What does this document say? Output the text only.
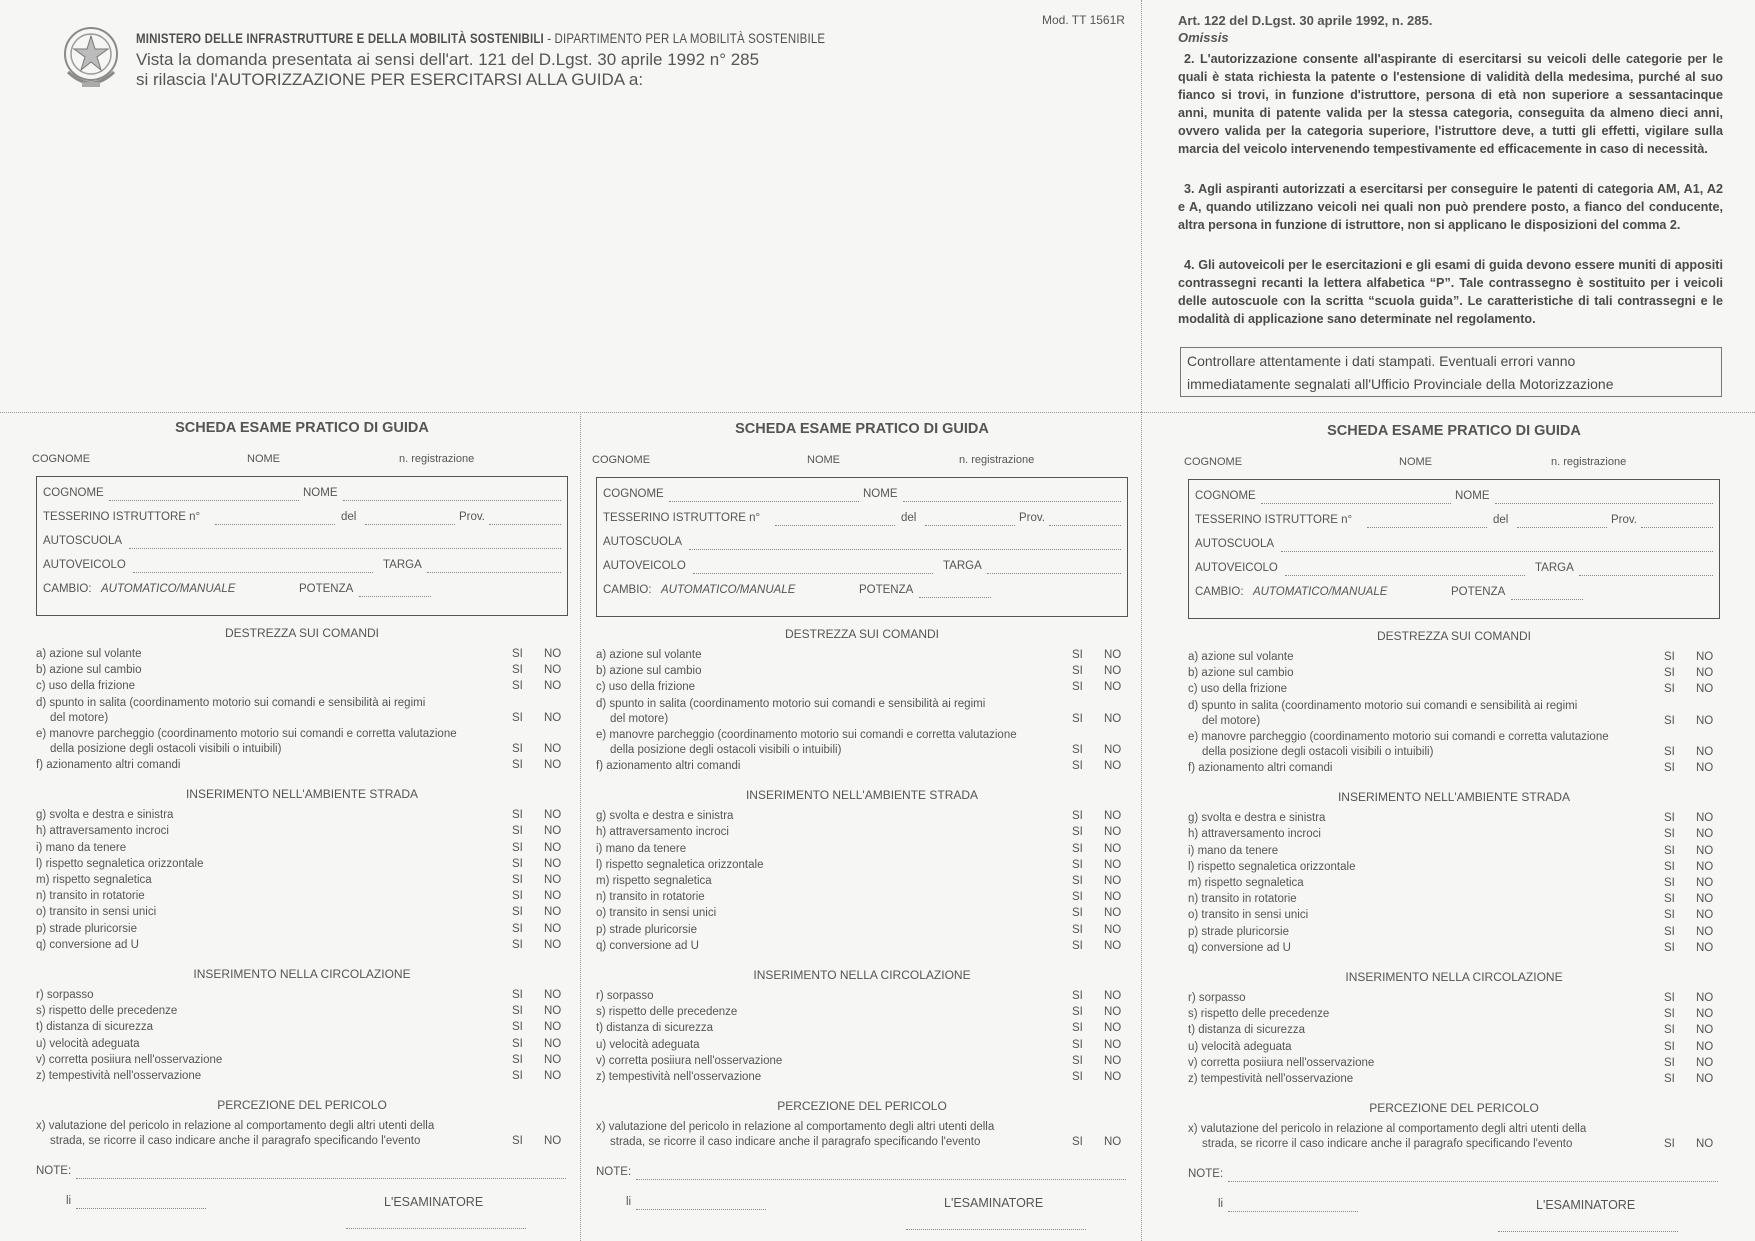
MINISTERO DELLE INFRASTRUTTURE E DELLA MOBILITÀ SOSTENIBILI - DIPARTIMENTO PER LA MOBILITÀ SOSTENIBILE
Vista la domanda presentata ai sensi dell'art. 121 del D.Lgst. 30 aprile 1992 n° 285
si rilascia l'AUTORIZZAZIONE PER ESERCITARSI ALLA GUIDA a:
Mod. TT 1561R	Art. 122 del D.Lgst. 30 aprile 1992, n. 285.
Omissis
2. L'autorizzazione consente all'aspirante di esercitarsi su veicoli delle categorie per le quali è stata richiesta la patente o l'estensione di validità della medesima, purché al suo fianco si trovi, in funzione d'istruttore, persona di età non superiore a sessantacinque anni, munita di patente valida per la stessa categoria, conseguita da almeno dieci anni, ovvero valida per la categoria superiore, l'istruttore deve, a tutti gli effetti, vigilare sulla marcia del veicolo intervenendo tempestivamente ed efficacemente in caso di necessità.
3. Agli aspiranti autorizzati a esercitarsi per conseguire le patenti di categoria AM, A1, A2 e A, quando utilizzano veicoli nei quali non può prendere posto, a fianco del conducente, altra persona in funzione di istruttore, non si applicano le disposizioni del comma 2.
4. Gli autoveicoli per le esercitazioni e gli esami di guida devono essere muniti di appositi contrassegni recanti la lettera alfabetica “P”. Tale contrassegno è sostituito per i veicoli delle autoscuole con la scritta “scuola guida”. Le caratteristiche di tali contrassegni e le modalità di applicazione sano determinate nel regolamento.
Controllare attentamente i dati stampati. Eventuali errori vanno
immediatamente segnalati all'Ufficio Provinciale della Motorizzazione
SCHEDA ESAME PRATICO DI GUIDA
COGNOME	NOME	n. registrazione
COGNOME	NOME
TESSERINO ISTRUTTORE n°	del	Prov.
AUTOSCUOLA
AUTOVEICOLO	TARGA
CAMBIO: AUTOMATICO/MANUALE	POTENZA
DESTREZZA SUI COMANDI
a) azione sul volante	SI NO
b) azione sul cambio	SI NO
c) uso della frizione	SI NO
d) spunto in salita (coordinamento motorio sui comandi e sensibilità ai regimi
del motore)	SI NO
e) manovre parcheggio (coordinamento motorio sui comandi e corretta valutazione
della posizione degli ostacoli visibili o intuibili)	SI NO
f) azionamento altri comandi	SI NO
INSERIMENTO NELL'AMBIENTE STRADA
g) svolta e destra e sinistra	SI NO
h) attraversamento incroci	SI NO
i) mano da tenere	SI NO
l) rispetto segnaletica orizzontale	SI NO
m) rispetto segnaletica	SI NO
n) transito in rotatorie	SI NO
o) transito in sensi unici	SI NO
p) strade pluricorsie	SI NO
q) conversione ad U	SI NO
INSERIMENTO NELLA CIRCOLAZIONE
r) sorpasso	SI NO
s) rispetto delle precedenze	SI NO
t) distanza di sicurezza	SI NO
u) velocità adeguata	SI NO
v) corretta posiiura nell'osservazione	SI NO
z) tempestività nell'osservazione	SI NO
PERCEZIONE DEL PERICOLO
x) valutazione del pericolo in relazione al comportamento degli altri utenti della
strada, se ricorre il caso indicare anche il paragrafo specificando l'evento	SI NO
NOTE:
li	L'ESAMINATORE
SCHEDA ESAME PRATICO DI GUIDA
COGNOME	NOME	n. registrazione
COGNOME	NOME
TESSERINO ISTRUTTORE n°	del	Prov.
AUTOSCUOLA
AUTOVEICOLO	TARGA
CAMBIO: AUTOMATICO/MANUALE	POTENZA
DESTREZZA SUI COMANDI
a) azione sul volante	SI NO
b) azione sul cambio	SI NO
c) uso della frizione	SI NO
d) spunto in salita (coordinamento motorio sui comandi e sensibilità ai regimi
del motore)	SI NO
e) manovre parcheggio (coordinamento motorio sui comandi e corretta valutazione
della posizione degli ostacoli visibili o intuibili)	SI NO
f) azionamento altri comandi	SI NO
INSERIMENTO NELL'AMBIENTE STRADA
g) svolta e destra e sinistra	SI NO
h) attraversamento incroci	SI NO
i) mano da tenere	SI NO
l) rispetto segnaletica orizzontale	SI NO
m) rispetto segnaletica	SI NO
n) transito in rotatorie	SI NO
o) transito in sensi unici	SI NO
p) strade pluricorsie	SI NO
q) conversione ad U	SI NO
INSERIMENTO NELLA CIRCOLAZIONE
r) sorpasso	SI NO
s) rispetto delle precedenze	SI NO
t) distanza di sicurezza	SI NO
u) velocità adeguata	SI NO
v) corretta posiiura nell'osservazione	SI NO
z) tempestività nell'osservazione	SI NO
PERCEZIONE DEL PERICOLO
x) valutazione del pericolo in relazione al comportamento degli altri utenti della
strada, se ricorre il caso indicare anche il paragrafo specificando l'evento	SI NO
NOTE:
li	L'ESAMINATORE
SCHEDA ESAME PRATICO DI GUIDA
COGNOME	NOME	n. registrazione
COGNOME	NOME
TESSERINO ISTRUTTORE n°	del	Prov.
AUTOSCUOLA
AUTOVEICOLO	TARGA
CAMBIO: AUTOMATICO/MANUALE	POTENZA
DESTREZZA SUI COMANDI
a) azione sul volante	SI NO
b) azione sul cambio	SI NO
c) uso della frizione	SI NO
d) spunto in salita (coordinamento motorio sui comandi e sensibilità ai regimi
del motore)	SI NO
e) manovre parcheggio (coordinamento motorio sui comandi e corretta valutazione
della posizione degli ostacoli visibili o intuibili)	SI NO
f) azionamento altri comandi	SI NO
INSERIMENTO NELL'AMBIENTE STRADA
g) svolta e destra e sinistra	SI NO
h) attraversamento incroci	SI NO
i) mano da tenere	SI NO
l) rispetto segnaletica orizzontale	SI NO
m) rispetto segnaletica	SI NO
n) transito in rotatorie	SI NO
o) transito in sensi unici	SI NO
p) strade pluricorsie	SI NO
q) conversione ad U	SI NO
INSERIMENTO NELLA CIRCOLAZIONE
r) sorpasso	SI NO
s) rispetto delle precedenze	SI NO
t) distanza di sicurezza	SI NO
u) velocità adeguata	SI NO
v) corretta posiiura nell'osservazione	SI NO
z) tempestività nell'osservazione	SI NO
PERCEZIONE DEL PERICOLO
x) valutazione del pericolo in relazione al comportamento degli altri utenti della
strada, se ricorre il caso indicare anche il paragrafo specificando l'evento	SI NO
NOTE:
li	L'ESAMINATORE
